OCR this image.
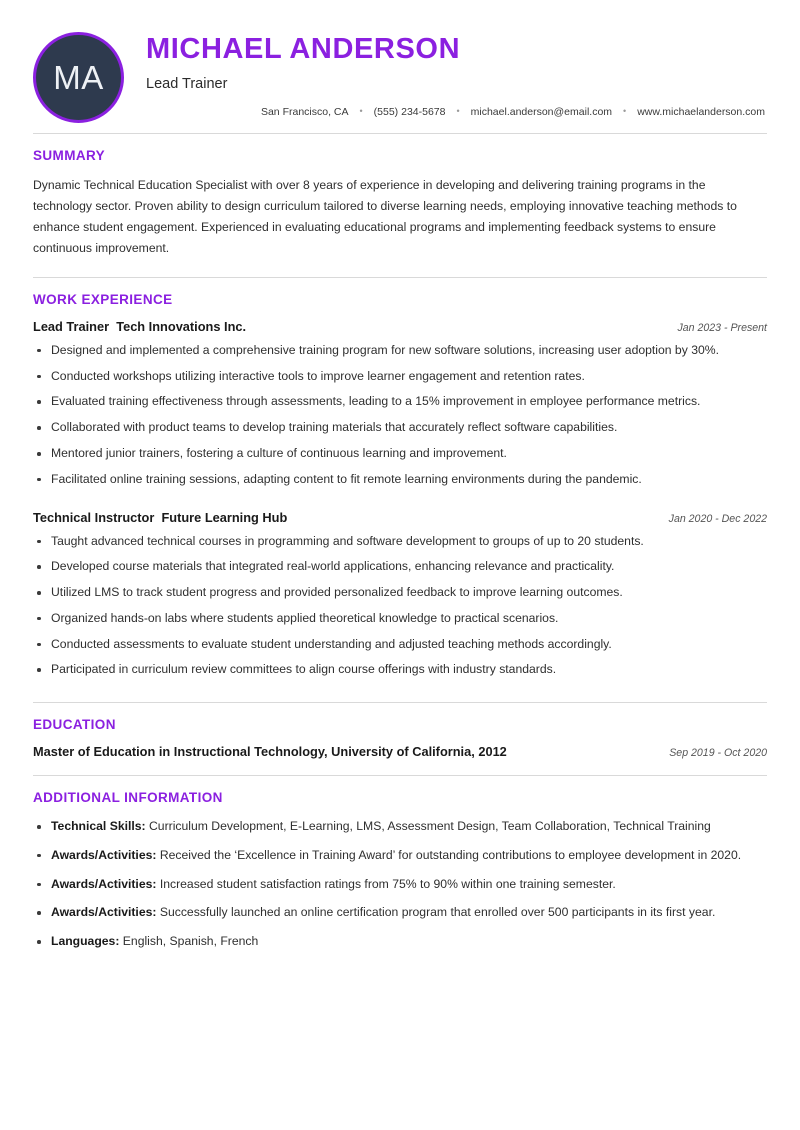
MA
MICHAEL ANDERSON
Lead Trainer
San Francisco, CA • (555) 234-5678 • michael.anderson@email.com • www.michaelanderson.com
SUMMARY

Dynamic Technical Education Specialist with over 8 years of experience in developing and delivering training programs in the technology sector. Proven ability to design curriculum tailored to diverse learning needs, employing innovative teaching methods to enhance student engagement. Experienced in evaluating educational programs and implementing feedback systems to ensure continuous improvement.

WORK EXPERIENCE
Lead Trainer  Tech Innovations Inc.	Jan 2023 - Present
Designed and implemented a comprehensive training program for new software solutions, increasing user adoption by 30%.
Conducted workshops utilizing interactive tools to improve learner engagement and retention rates.
Evaluated training effectiveness through assessments, leading to a 15% improvement in employee performance metrics.
Collaborated with product teams to develop training materials that accurately reflect software capabilities.
Mentored junior trainers, fostering a culture of continuous learning and improvement.
Facilitated online training sessions, adapting content to fit remote learning environments during the pandemic.
Technical Instructor  Future Learning Hub	Jan 2020 - Dec 2022
Taught advanced technical courses in programming and software development to groups of up to 20 students.
Developed course materials that integrated real-world applications, enhancing relevance and practicality.
Utilized LMS to track student progress and provided personalized feedback to improve learning outcomes.
Organized hands-on labs where students applied theoretical knowledge to practical scenarios.
Conducted assessments to evaluate student understanding and adjusted teaching methods accordingly.
Participated in curriculum review committees to align course offerings with industry standards.
EDUCATION
Master of Education in Instructional Technology, University of California, 2012	Sep 2019 - Oct 2020
ADDITIONAL INFORMATION
Technical Skills: Curriculum Development, E-Learning, LMS, Assessment Design, Team Collaboration, Technical Training
Awards/Activities: Received the ‘Excellence in Training Award’ for outstanding contributions to employee development in 2020.
Awards/Activities: Increased student satisfaction ratings from 75% to 90% within one training semester.
Awards/Activities: Successfully launched an online certification program that enrolled over 500 participants in its first year.
Languages: English, Spanish, French
